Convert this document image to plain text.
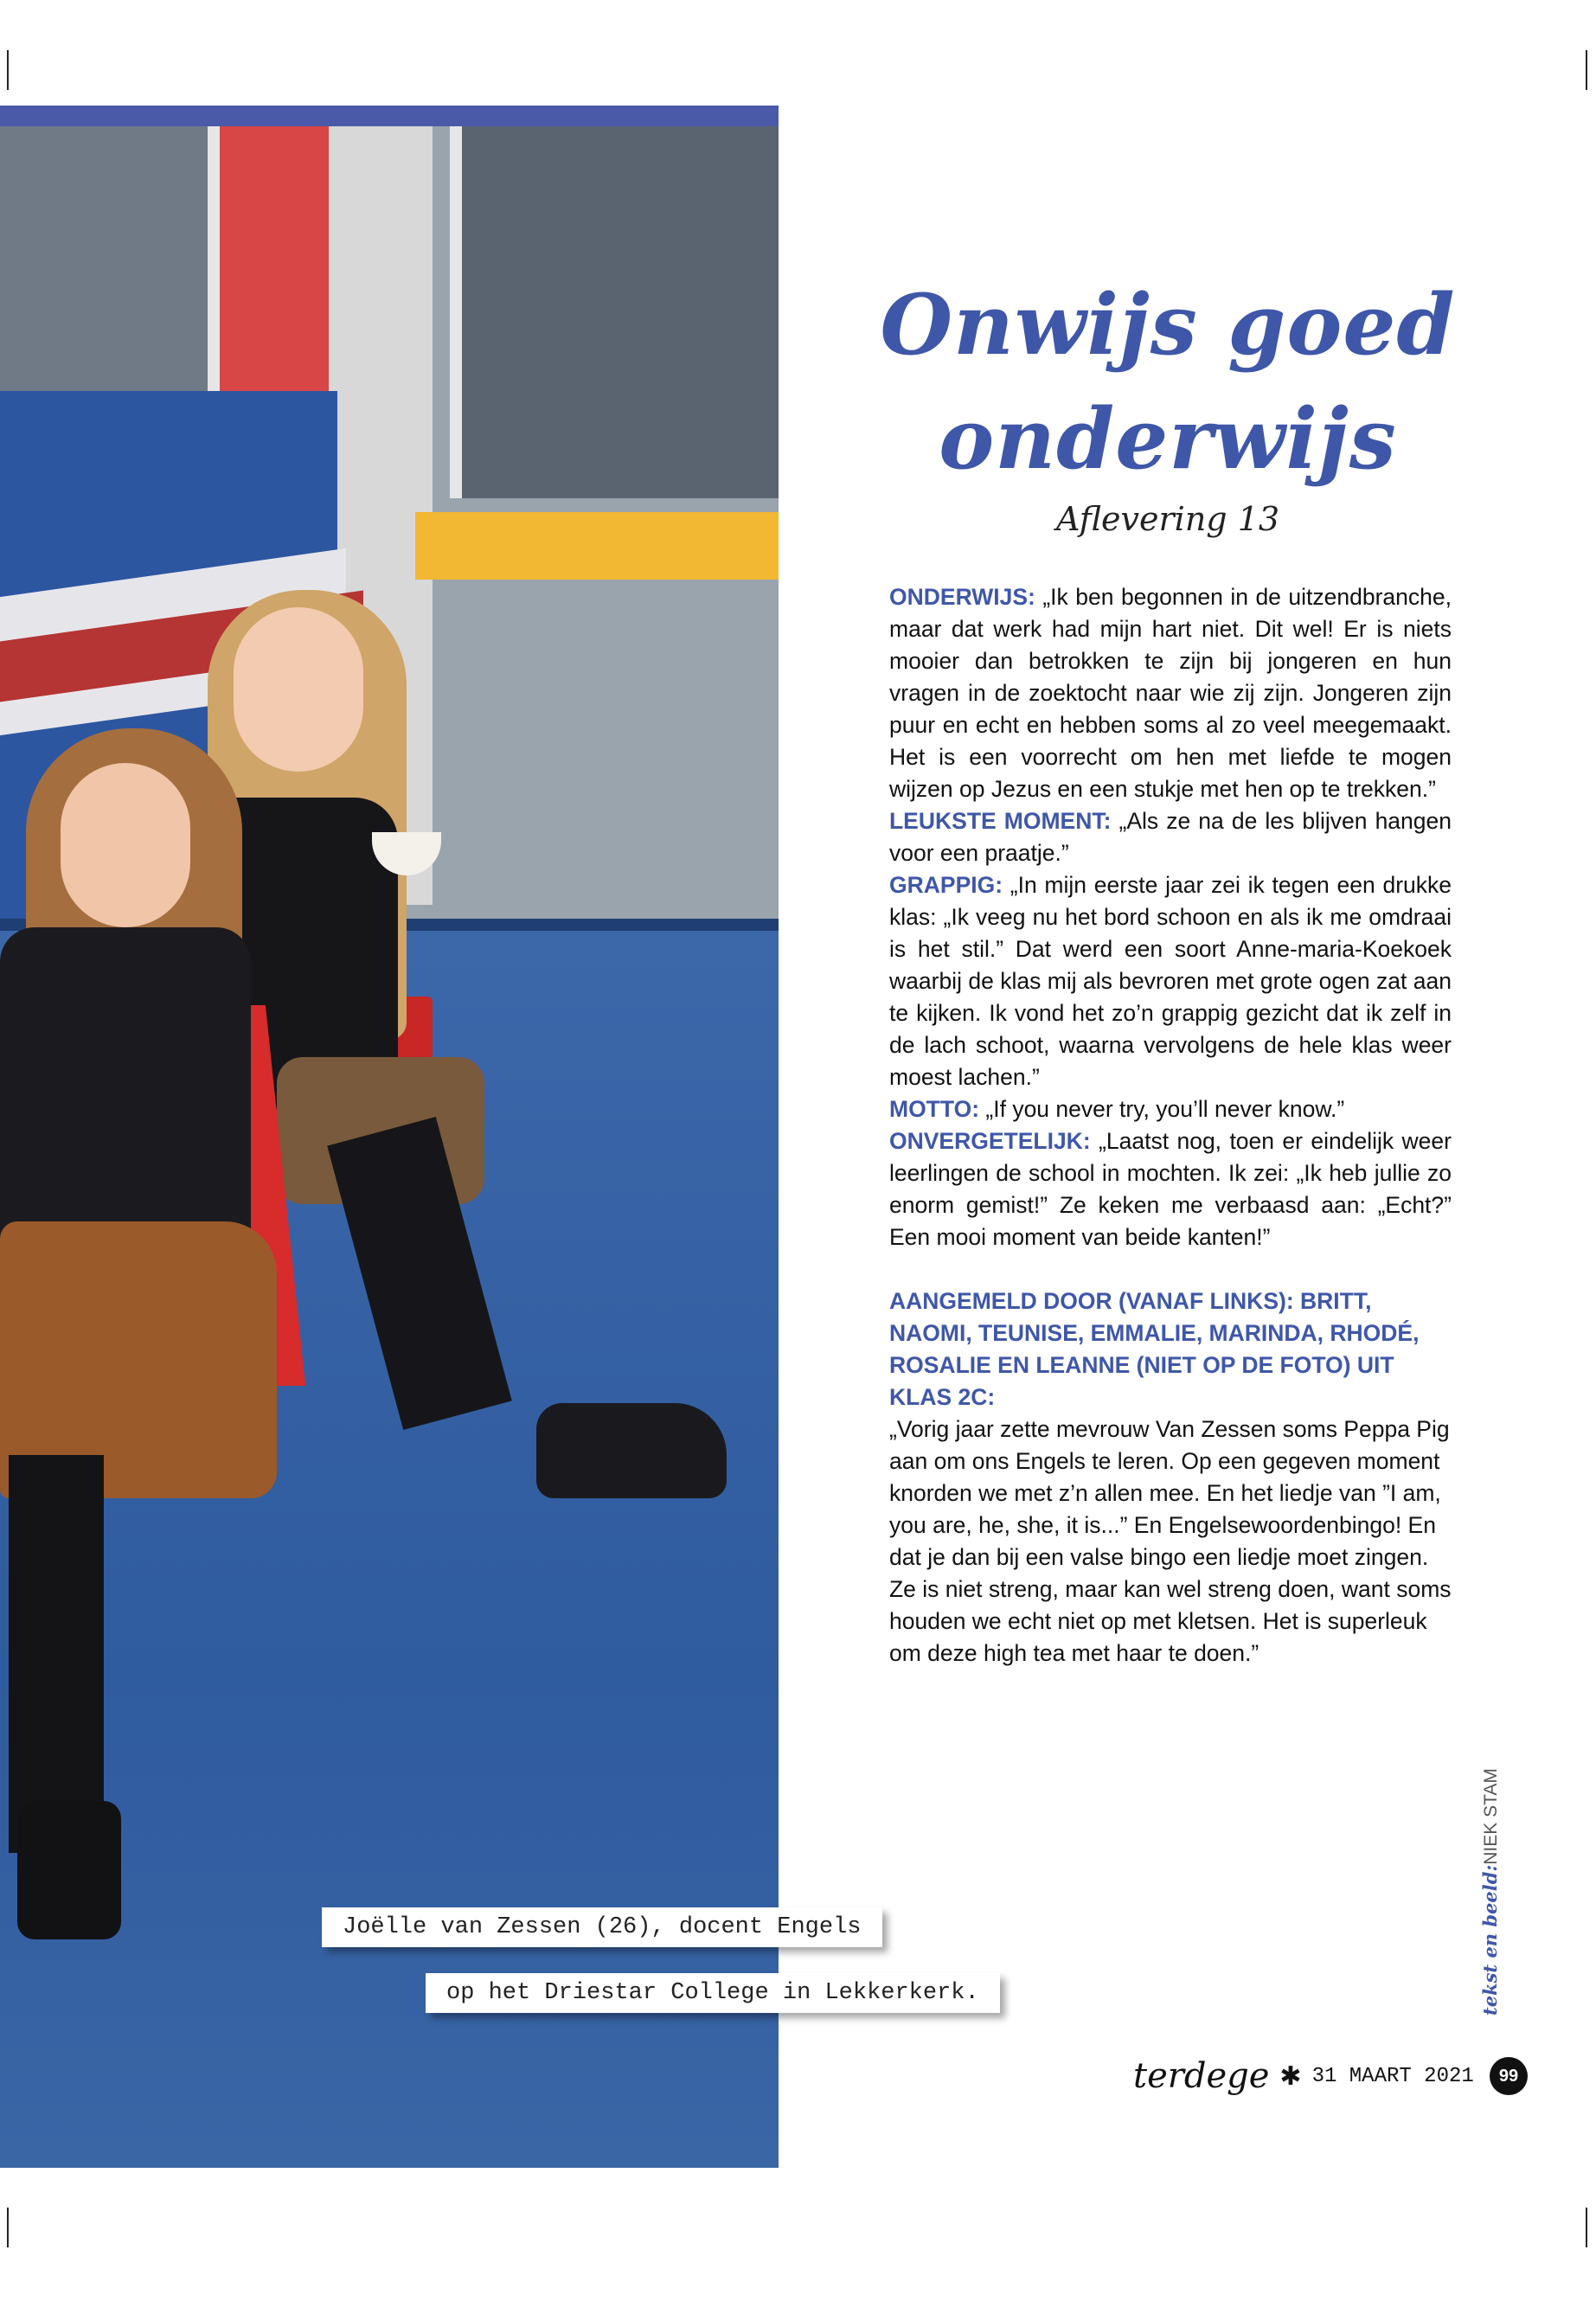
Joëlle van Zessen (26), docent Engels
op het Driestar College in Lekkerkerk.
Onwijs goed
onderwijs
Aflevering 13

ONDERWIJS: „Ik ben begonnen in de uitzendbranche, maar dat werk had mijn hart niet. Dit wel! Er is niets mooier dan betrokken te zijn bij jongeren en hun vragen in de zoektocht naar wie zij zijn. Jongeren zijn puur en echt en hebben soms al zo veel meegemaakt. Het is een voorrecht om hen met liefde te mogen wijzen op Jezus en een stukje met hen op te trekken.”

LEUKSTE MOMENT: „Als ze na de les blijven hangen voor een praatje.”

GRAPPIG: „In mijn eerste jaar zei ik tegen een drukke klas: „Ik veeg nu het bord schoon en als ik me omdraai is het stil.” Dat werd een soort Anne-maria-Koekoek waarbij de klas mij als bevroren met grote ogen zat aan te kijken. Ik vond het zo’n grappig gezicht dat ik zelf in de lach schoot, waarna vervolgens de hele klas weer moest lachen.”

MOTTO: „If you never try, you’ll never know.”

ONVERGETELIJK: „Laatst nog, toen er eindelijk weer leerlingen de school in mochten. Ik zei: „Ik heb jullie zo enorm gemist!” Ze keken me verbaasd aan: „Echt?” Een mooi moment van beide kanten!”

AANGEMELD DOOR (VANAF LINKS): BRITT, NAOMI, TEUNISE, EMMALIE, MARINDA, RHODÉ, ROSALIE EN LEANNE (NIET OP DE FOTO) UIT KLAS 2C:

„Vorig jaar zette mevrouw Van Zessen soms Peppa Pig aan om ons Engels te leren. Op een gegeven moment knorden we met z’n allen mee. En het liedje van ”I am, you are, he, she, it is...” En Engelsewoordenbingo! En dat je dan bij een valse bingo een liedje moet zingen. Ze is niet streng, maar kan wel streng doen, want soms houden we echt niet op met kletsen. Het is superleuk om deze high tea met haar te doen.”

tekst en beeld:NIEK STAM
terdege ✱ 31 MAART 2021	99
